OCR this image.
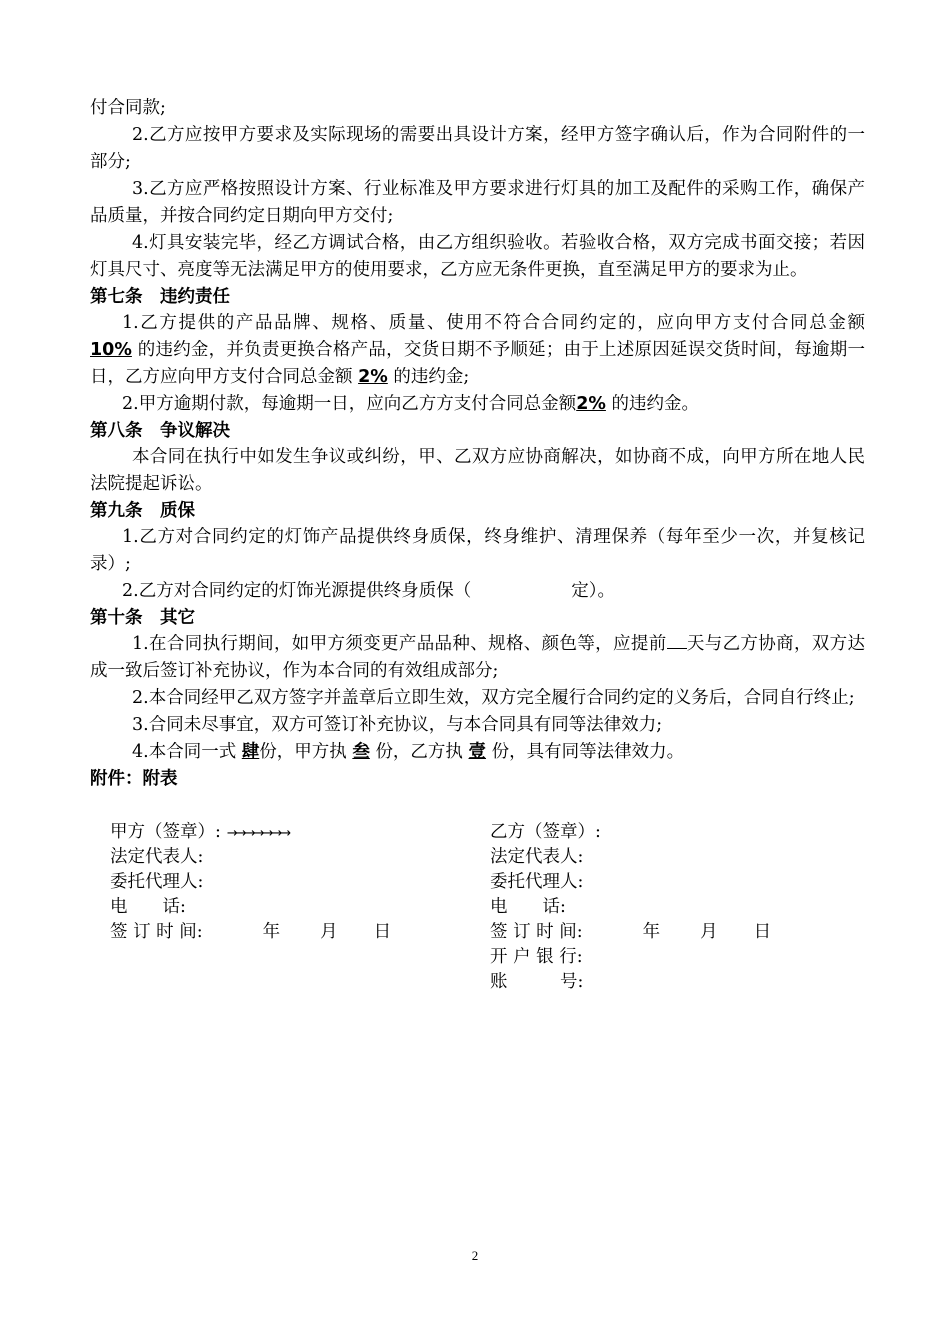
付合同款;

2.乙方应按甲方要求及实际现场的需要出具设计方案，经甲方签字确认后，作为合同附件的一部分;

3.乙方应严格按照设计方案、行业标准及甲方要求进行灯具的加工及配件的采购工作，确保产品质量，并按合同约定日期向甲方交付;

4.灯具安装完毕，经乙方调试合格，由乙方组织验收。若验收合格，双方完成书面交接；若因灯具尺寸、亮度等无法满足甲方的使用要求，乙方应无条件更换，直至满足甲方的要求为止。

第七条　违约责任

1.乙方提供的产品品牌、规格、质量、使用不符合合同约定的，应向甲方支付合同总金额10% 的违约金，并负责更换合格产品，交货日期不予顺延；由于上述原因延误交货时间，每逾期一日，乙方应向甲方支付合同总金额 2% 的违约金;

2.甲方逾期付款，每逾期一日，应向乙方方支付合同总金额2% 的违约金。

第八条　争议解决

本合同在执行中如发生争议或纠纷，甲、乙双方应协商解决，如协商不成，向甲方所在地人民法院提起诉讼。

第九条　质保

1.乙方对合同约定的灯饰产品提供终身质保，终身维护、清理保养（每年至少一次，并复核记录）;

2.乙方对合同约定的灯饰光源提供终身质保（	定）。

第十条　其它

1.在合同执行期间，如甲方须变更产品品种、规格、颜色等，应提前 天与乙方协商，双方达成一致后签订补充协议，作为本合同的有效组成部分;

2.本合同经甲乙双方签字并盖章后立即生效，双方完全履行合同约定的义务后，合同自行终止;

3.合同未尽事宜，双方可签订补充协议，与本合同具有同等法律效力;

4.本合同一式 肆份，甲方执 叁 份，乙方执 壹 份，具有同等法律效力。

附件：附表

甲方（签章）: →→→→→→→
法定代表人:
委托代理人:
电　　话:
签 订 时 间:	年 月 日
乙方（签章）:
法定代表人:
委托代理人:
电　　话:
签 订 时 间:	年 月 日
开 户 银 行:
账　　　号:
2
